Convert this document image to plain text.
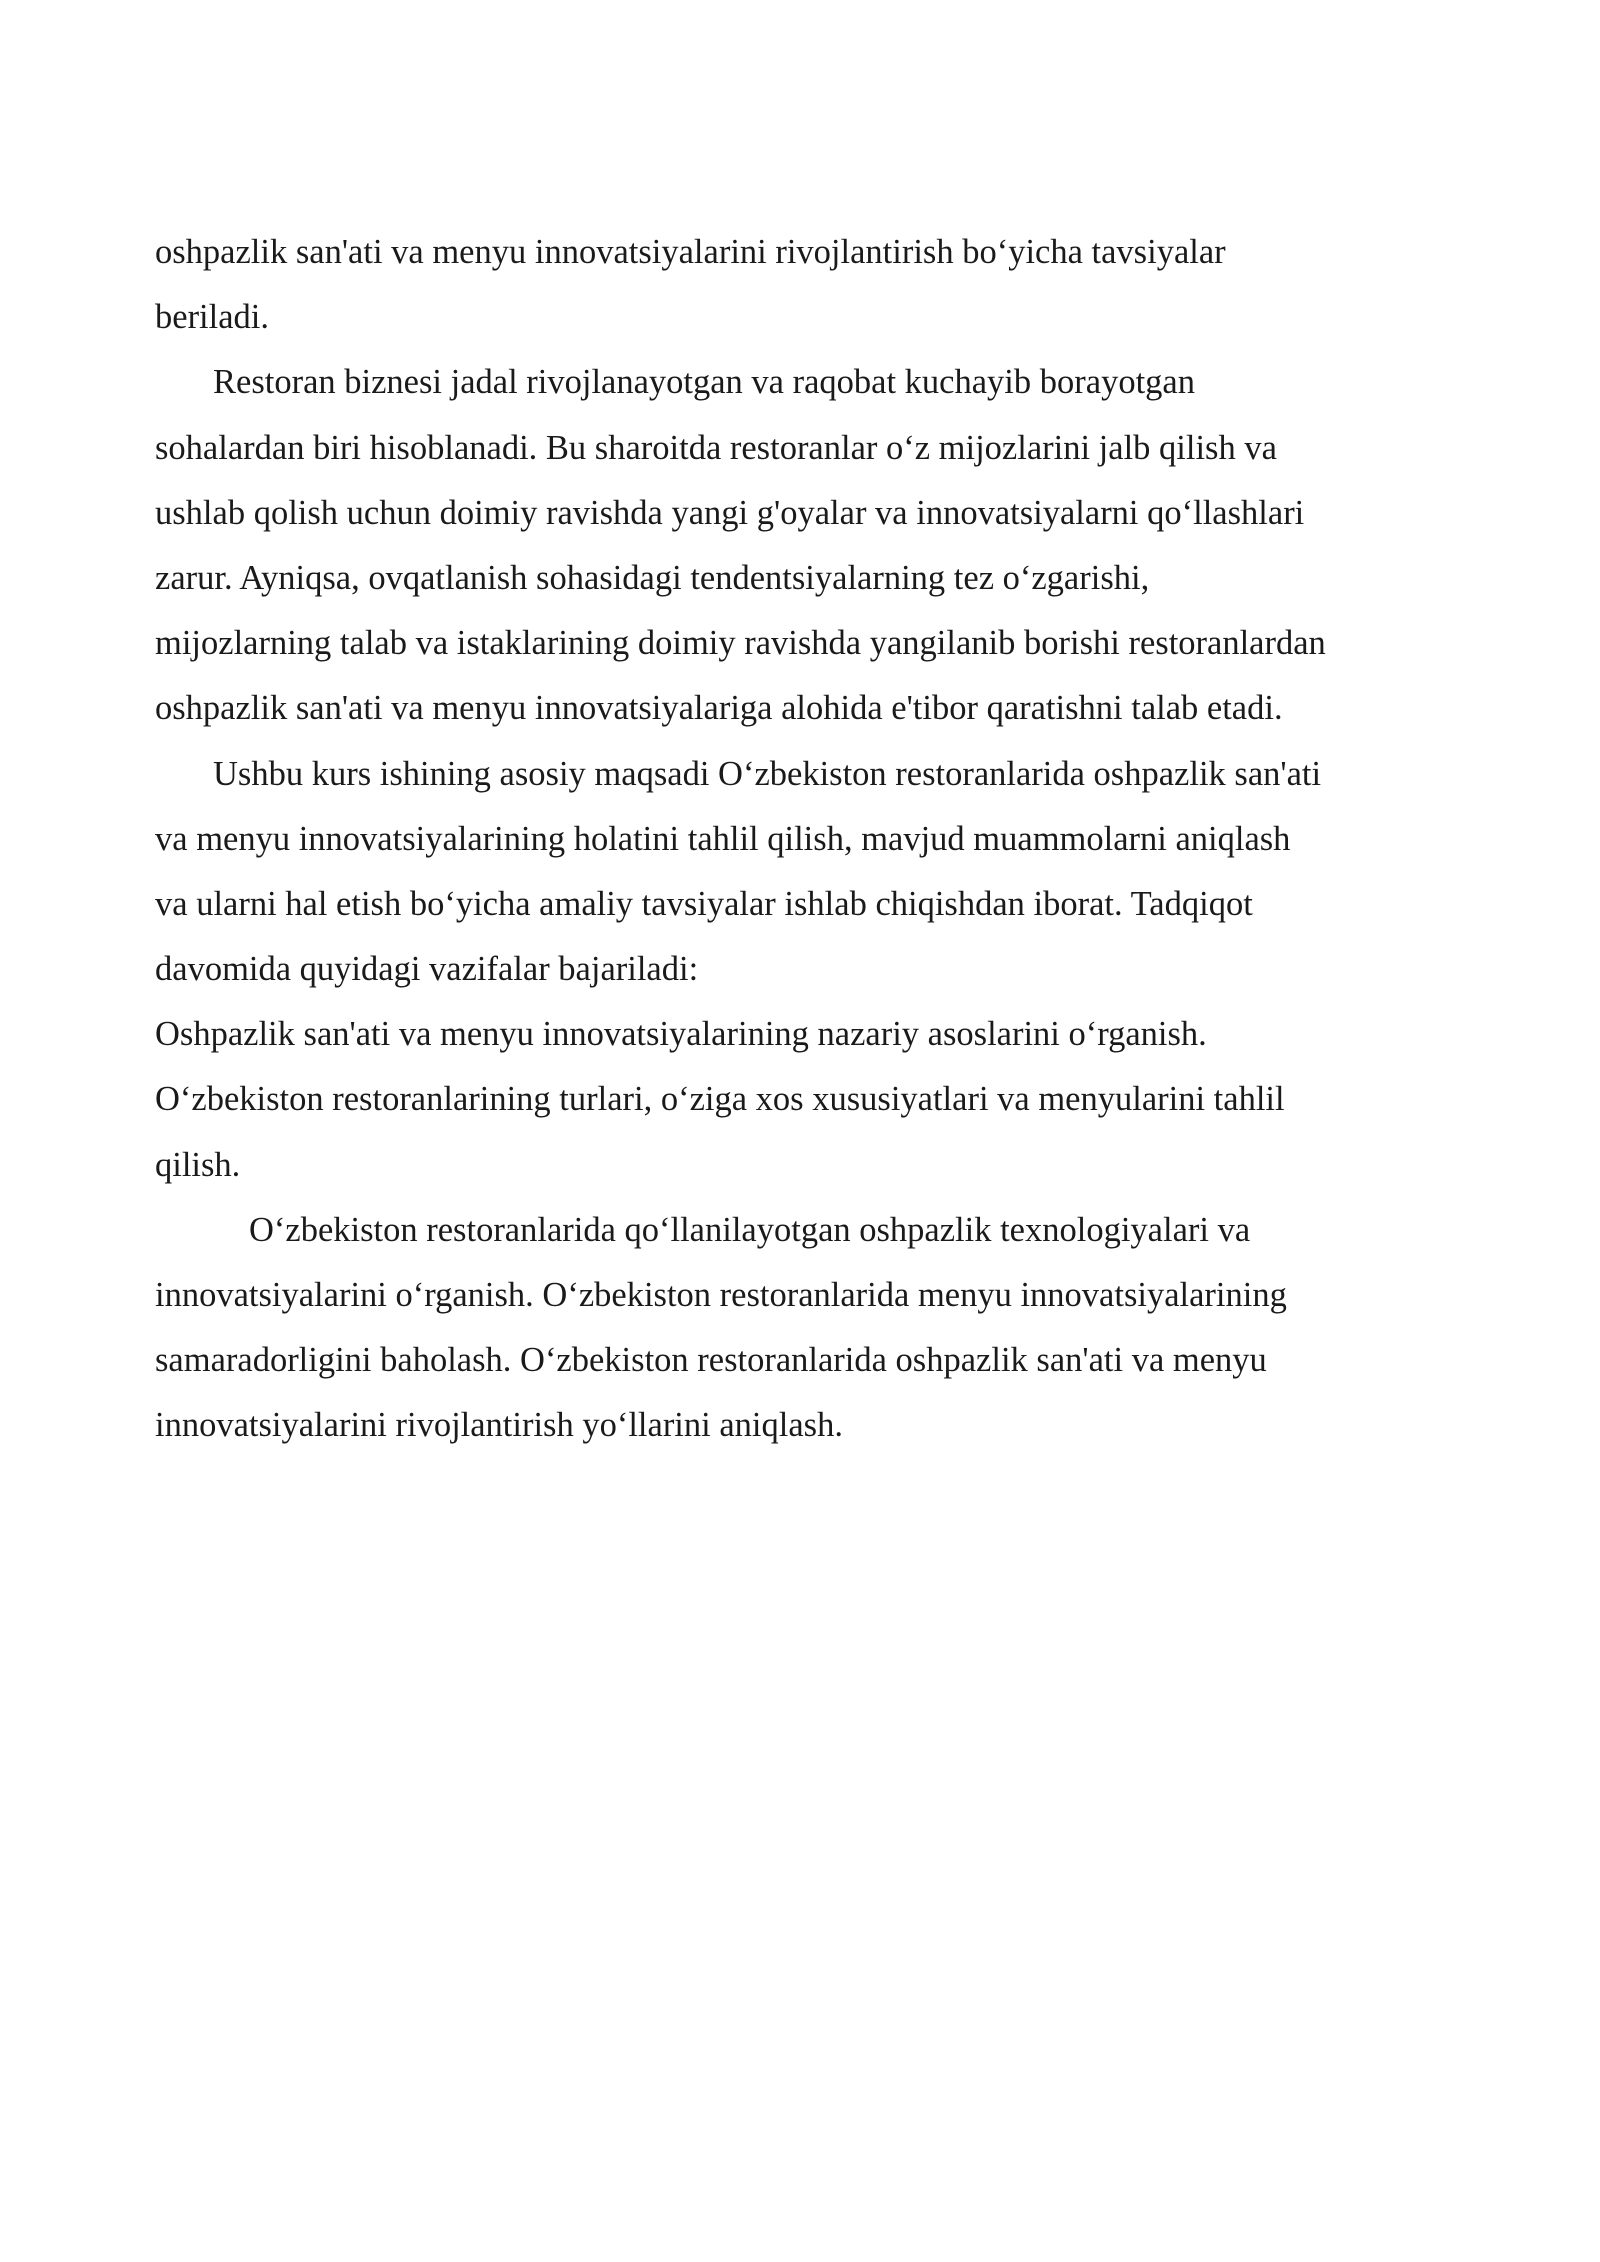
oshpazlik san'ati va menyu innovatsiyalarini rivojlantirish bo‘yicha tavsiyalar
beriladi.
Restoran biznesi jadal rivojlanayotgan va raqobat kuchayib borayotgan
sohalardan biri hisoblanadi. Bu sharoitda restoranlar o‘z mijozlarini jalb qilish va
ushlab qolish uchun doimiy ravishda yangi g'oyalar va innovatsiyalarni qo‘llashlari
zarur. Ayniqsa, ovqatlanish sohasidagi tendentsiyalarning tez o‘zgarishi,
mijozlarning talab va istaklarining doimiy ravishda yangilanib borishi restoranlardan
oshpazlik san'ati va menyu innovatsiyalariga alohida e'tibor qaratishni talab etadi.
Ushbu kurs ishining asosiy maqsadi O‘zbekiston restoranlarida oshpazlik san'ati
va menyu innovatsiyalarining holatini tahlil qilish, mavjud muammolarni aniqlash
va ularni hal etish bo‘yicha amaliy tavsiyalar ishlab chiqishdan iborat. Tadqiqot
davomida quyidagi vazifalar bajariladi:
Oshpazlik san'ati va menyu innovatsiyalarining nazariy asoslarini o‘rganish.
O‘zbekiston restoranlarining turlari, o‘ziga xos xususiyatlari va menyularini tahlil
qilish.
O‘zbekiston restoranlarida qo‘llanilayotgan oshpazlik texnologiyalari va
innovatsiyalarini o‘rganish. O‘zbekiston restoranlarida menyu innovatsiyalarining
samaradorligini baholash. O‘zbekiston restoranlarida oshpazlik san'ati va menyu
innovatsiyalarini rivojlantirish yo‘llarini aniqlash.
